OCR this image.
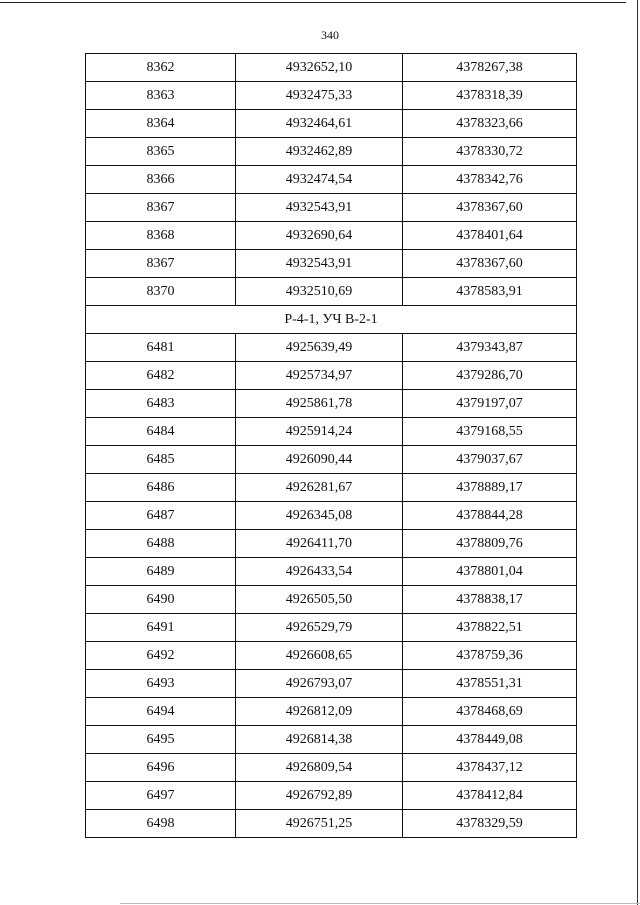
340
8362	4932652,10	4378267,38
8363	4932475,33	4378318,39
8364	4932464,61	4378323,66
8365	4932462,89	4378330,72
8366	4932474,54	4378342,76
8367	4932543,91	4378367,60
8368	4932690,64	4378401,64
8367	4932543,91	4378367,60
8370	4932510,69	4378583,91
Р-4-1, УЧ В-2-1		
6481	4925639,49	4379343,87
6482	4925734,97	4379286,70
6483	4925861,78	4379197,07
6484	4925914,24	4379168,55
6485	4926090,44	4379037,67
6486	4926281,67	4378889,17
6487	4926345,08	4378844,28
6488	4926411,70	4378809,76
6489	4926433,54	4378801,04
6490	4926505,50	4378838,17
6491	4926529,79	4378822,51
6492	4926608,65	4378759,36
6493	4926793,07	4378551,31
6494	4926812,09	4378468,69
6495	4926814,38	4378449,08
6496	4926809,54	4378437,12
6497	4926792,89	4378412,84
6498	4926751,25	4378329,59
